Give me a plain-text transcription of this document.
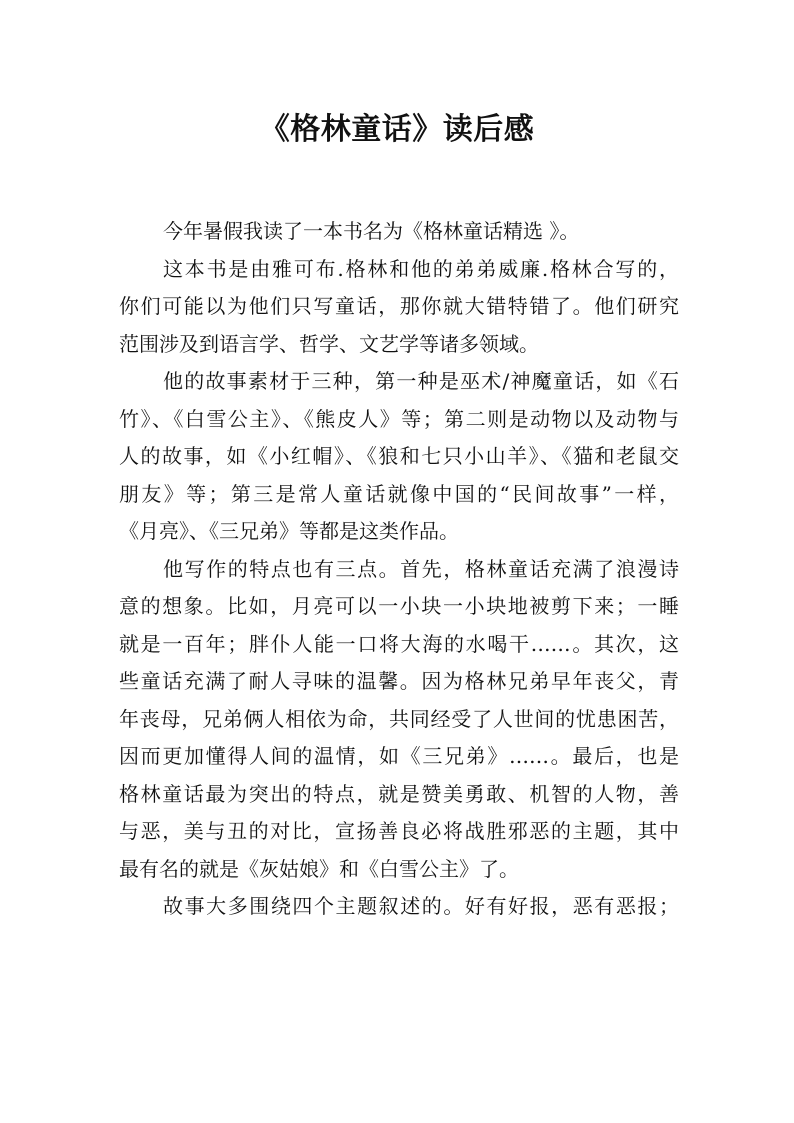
《格林童话》读后感
今年暑假我读了一本书名为《格林童话精选 》。
这本书是由雅可布.格林和他的弟弟威廉.格林合写的，
你们可能以为他们只写童话，那你就大错特错了。他们研究
范围涉及到语言学、哲学、文艺学等诸多领域。
他的故事素材于三种，第一种是巫术/神魔童话，如《石
竹》、《白雪公主》、《熊皮人》等；第二则是动物以及动物与
人的故事，如《小红帽》、《狼和七只小山羊》、《猫和老鼠交
朋友》等；第三是常人童话就像中国的“民间故事”一样，
《月亮》、《三兄弟》等都是这类作品。
他写作的特点也有三点。首先，格林童话充满了浪漫诗
意的想象。比如，月亮可以一小块一小块地被剪下来；一睡
就是一百年；胖仆人能一口将大海的水喝干……。其次，这
些童话充满了耐人寻味的温馨。因为格林兄弟早年丧父，青
年丧母，兄弟俩人相依为命，共同经受了人世间的忧患困苦，
因而更加懂得人间的温情，如《三兄弟》……。最后，也是
格林童话最为突出的特点，就是赞美勇敢、机智的人物，善
与恶，美与丑的对比，宣扬善良必将战胜邪恶的主题，其中
最有名的就是《灰姑娘》和《白雪公主》了。
故事大多围绕四个主题叙述的。好有好报，恶有恶报；
